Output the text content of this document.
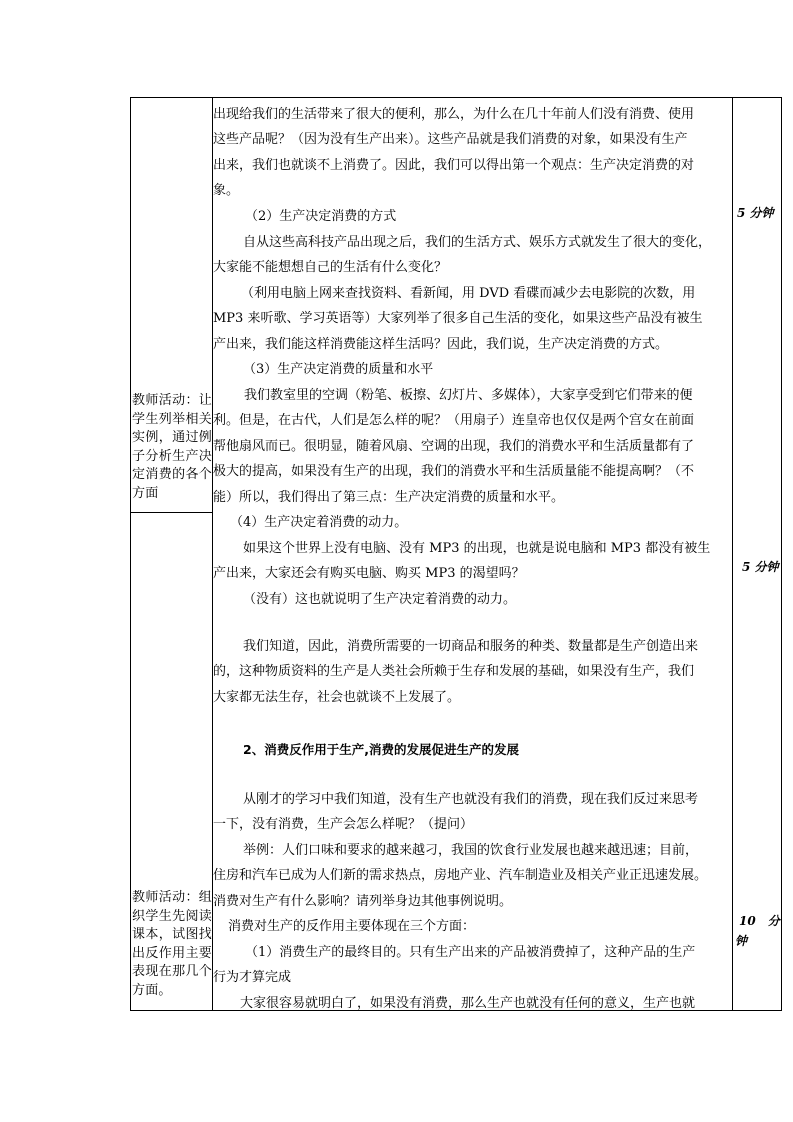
教师活动：让学生列举相关实例，通过例子分析生产决定消费的各个方面
教师活动：组织学生先阅读课本，试图找出反作用主要表现在那几个方面。
出现给我们的生活带来了很大的便利，那么，为什么在几十年前人们没有消费、使用
这些产品呢？（因为没有生产出来）。这些产品就是我们消费的对象，如果没有生产
出来，我们也就谈不上消费了。因此，我们可以得出第一个观点：生产决定消费的对
象。
（2）生产决定消费的方式
自从这些高科技产品出现之后，我们的生活方式、娱乐方式就发生了很大的变化，
大家能不能想想自己的生活有什么变化？
（利用电脑上网来查找资料、看新闻，用 DVD 看碟而减少去电影院的次数，用
MP3 来听歌、学习英语等）大家列举了很多自己生活的变化，如果这些产品没有被生
产出来，我们能这样消费能这样生活吗？因此，我们说，生产决定消费的方式。
（3）生产决定消费的质量和水平
我们教室里的空调（粉笔、板擦、幻灯片、多媒体），大家享受到它们带来的便
利。但是，在古代，人们是怎么样的呢？（用扇子）连皇帝也仅仅是两个宫女在前面
帮他扇风而已。很明显，随着风扇、空调的出现，我们的消费水平和生活质量都有了
极大的提高，如果没有生产的出现，我们的消费水平和生活质量能不能提高啊？（不
能）所以，我们得出了第三点：生产决定消费的质量和水平。
（4）生产决定着消费的动力。
如果这个世界上没有电脑、没有 MP3 的出现，也就是说电脑和 MP3 都没有被生
产出来，大家还会有购买电脑、购买 MP3 的渴望吗？
（没有）这也就说明了生产决定着消费的动力。
我们知道，因此，消费所需要的一切商品和服务的种类、数量都是生产创造出来
的，这种物质资料的生产是人类社会所赖于生存和发展的基础，如果没有生产，我们
大家都无法生存，社会也就谈不上发展了。
2、消费反作用于生产,消费的发展促进生产的发展
从刚才的学习中我们知道，没有生产也就没有我们的消费，现在我们反过来思考
一下，没有消费，生产会怎么样呢？（提问）
举例：人们口味和要求的越来越刁，我国的饮食行业发展也越来越迅速；目前，
住房和汽车已成为人们新的需求热点，房地产业、汽车制造业及相关产业正迅速发展。
消费对生产有什么影响？请列举身边其他事例说明。
消费对生产的反作用主要体现在三个方面：
（1）消费生产的最终目的。只有生产出来的产品被消费掉了，这种产品的生产
行为才算完成
大家很容易就明白了，如果没有消费，那么生产也就没有任何的意义，生产也就
5 分钟
5 分钟
10　分
钟
